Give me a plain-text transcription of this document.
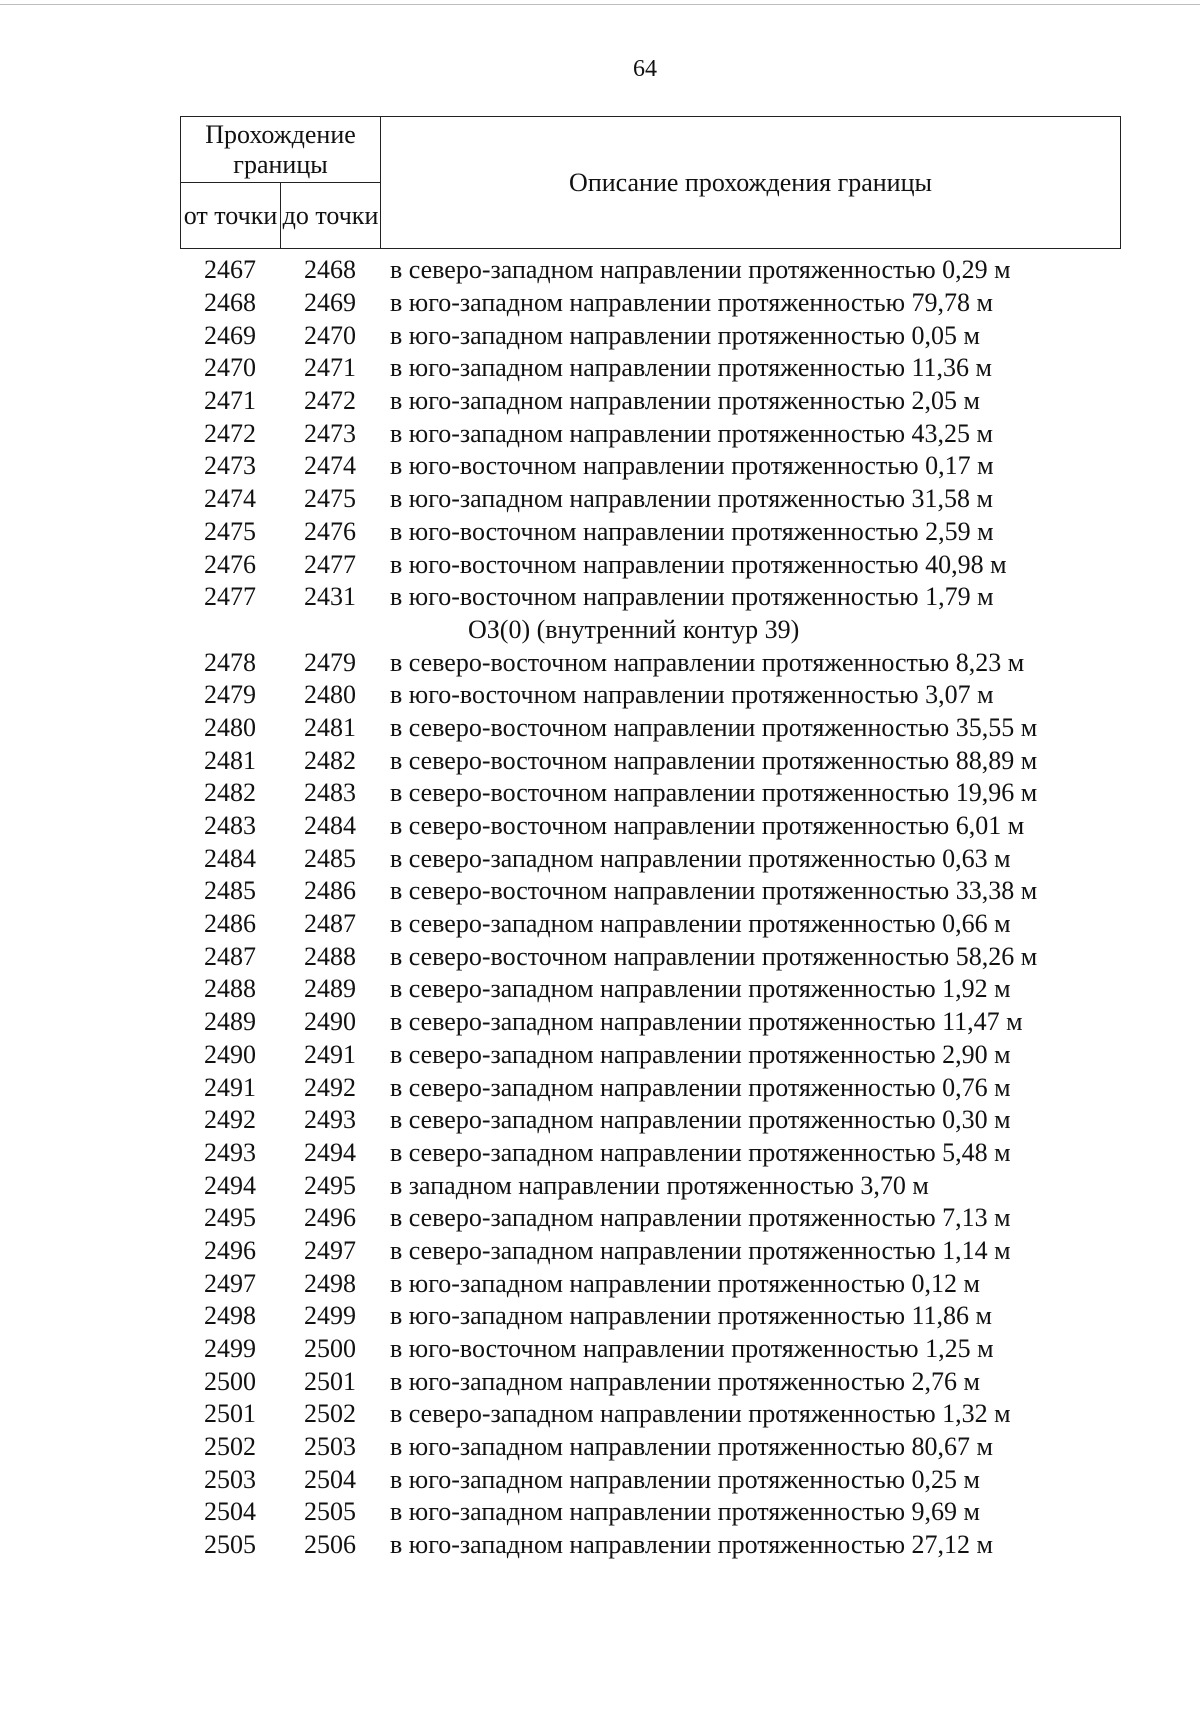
64
Прохождение границы		Описание прохождения границы
от точки	до точки	
2467	2468	в северо-западном направлении протяженностью 0,29 м
2468	2469	в юго-западном направлении протяженностью 79,78 м
2469	2470	в юго-западном направлении протяженностью 0,05 м
2470	2471	в юго-западном направлении протяженностью 11,36 м
2471	2472	в юго-западном направлении протяженностью 2,05 м
2472	2473	в юго-западном направлении протяженностью 43,25 м
2473	2474	в юго-восточном направлении протяженностью 0,17 м
2474	2475	в юго-западном направлении протяженностью 31,58 м
2475	2476	в юго-восточном направлении протяженностью 2,59 м
2476	2477	в юго-восточном направлении протяженностью 40,98 м
2477	2431	в юго-восточном направлении протяженностью 1,79 м
ОЗ(0) (внутренний контур 39)
2478	2479	в северо-восточном направлении протяженностью 8,23 м
2479	2480	в юго-восточном направлении протяженностью 3,07 м
2480	2481	в северо-восточном направлении протяженностью 35,55 м
2481	2482	в северо-восточном направлении протяженностью 88,89 м
2482	2483	в северо-восточном направлении протяженностью 19,96 м
2483	2484	в северо-восточном направлении протяженностью 6,01 м
2484	2485	в северо-западном направлении протяженностью 0,63 м
2485	2486	в северо-восточном направлении протяженностью 33,38 м
2486	2487	в северо-западном направлении протяженностью 0,66 м
2487	2488	в северо-восточном направлении протяженностью 58,26 м
2488	2489	в северо-западном направлении протяженностью 1,92 м
2489	2490	в северо-западном направлении протяженностью 11,47 м
2490	2491	в северо-западном направлении протяженностью 2,90 м
2491	2492	в северо-западном направлении протяженностью 0,76 м
2492	2493	в северо-западном направлении протяженностью 0,30 м
2493	2494	в северо-западном направлении протяженностью 5,48 м
2494	2495	в западном направлении протяженностью 3,70 м
2495	2496	в северо-западном направлении протяженностью 7,13 м
2496	2497	в северо-западном направлении протяженностью 1,14 м
2497	2498	в юго-западном направлении протяженностью 0,12 м
2498	2499	в юго-западном направлении протяженностью 11,86 м
2499	2500	в юго-восточном направлении протяженностью 1,25 м
2500	2501	в юго-западном направлении протяженностью 2,76 м
2501	2502	в северо-западном направлении протяженностью 1,32 м
2502	2503	в юго-западном направлении протяженностью 80,67 м
2503	2504	в юго-западном направлении протяженностью 0,25 м
2504	2505	в юго-западном направлении протяженностью 9,69 м
2505	2506	в юго-западном направлении протяженностью 27,12 м
